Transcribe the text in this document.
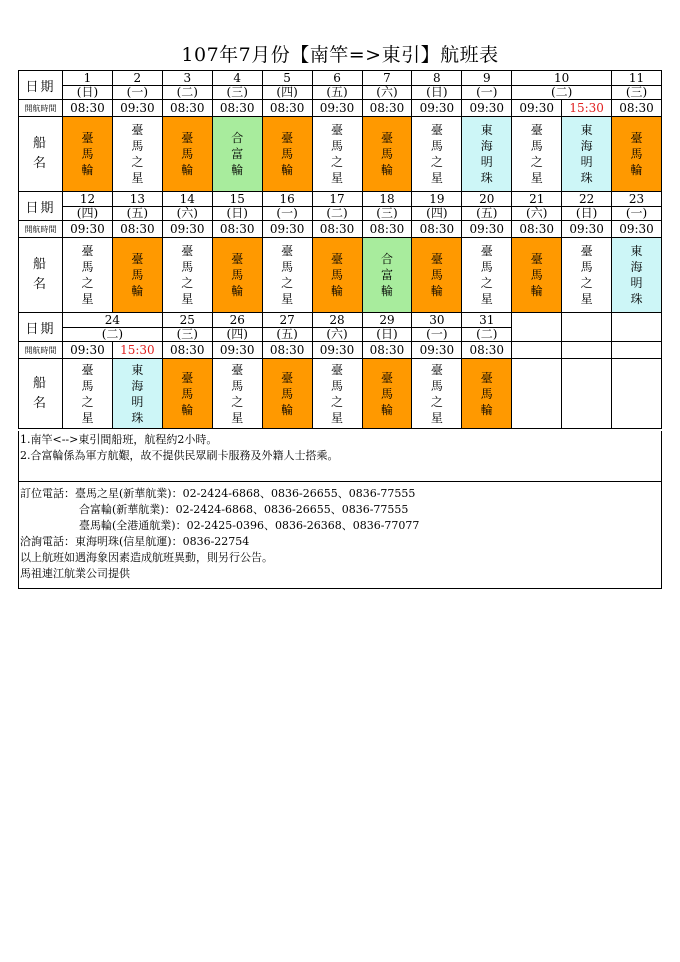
107年7月份【南竿=>東引】航班表
日期
開航時間
船
名
1
(日)
08:30
臺
馬
輪
2
(一)
09:30
臺
馬
之
星
3
(二)
08:30
臺
馬
輪
4
(三)
08:30
合
富
輪
5
(四)
08:30
臺
馬
輪
6
(五)
09:30
臺
馬
之
星
7
(六)
08:30
臺
馬
輪
8
(日)
09:30
臺
馬
之
星
9
(一)
09:30
東
海
明
珠
10
(二)
09:30
臺
馬
之
星
15:30
東
海
明
珠
11
(三)
08:30
臺
馬
輪
日期
開航時間
船
名
12
(四)
09:30
臺
馬
之
星
13
(五)
08:30
臺
馬
輪
14
(六)
09:30
臺
馬
之
星
15
(日)
08:30
臺
馬
輪
16
(一)
09:30
臺
馬
之
星
17
(二)
08:30
臺
馬
輪
18
(三)
08:30
合
富
輪
19
(四)
08:30
臺
馬
輪
20
(五)
09:30
臺
馬
之
星
21
(六)
08:30
臺
馬
輪
22
(日)
09:30
臺
馬
之
星
23
(一)
09:30
東
海
明
珠
日期
開航時間
船
名
24
(二)
09:30
臺
馬
之
星
15:30
東
海
明
珠
25
(三)
08:30
臺
馬
輪
26
(四)
09:30
臺
馬
之
星
27
(五)
08:30
臺
馬
輪
28
(六)
09:30
臺
馬
之
星
29
(日)
08:30
臺
馬
輪
30
(一)
09:30
臺
馬
之
星
31
(二)
08:30
臺
馬
輪
1.南竿<-->東引間船班，航程約2小時。
2.合富輪係為軍方航艱，故不提供民眾刷卡服務及外籍人士搭乘。
訂位電話：臺馬之星(新華航業)：02-2424-6868、0836-26655、0836-77555
合富輪(新華航業)：02-2424-6868、0836-26655、0836-77555
臺馬輪(全港通航業)：02-2425-0396、0836-26368、0836-77077
洽詢電話：東海明珠(信星航運)：0836-22754
以上航班如遇海象因素造成航班異動，則另行公告。
馬祖連江航業公司提供
